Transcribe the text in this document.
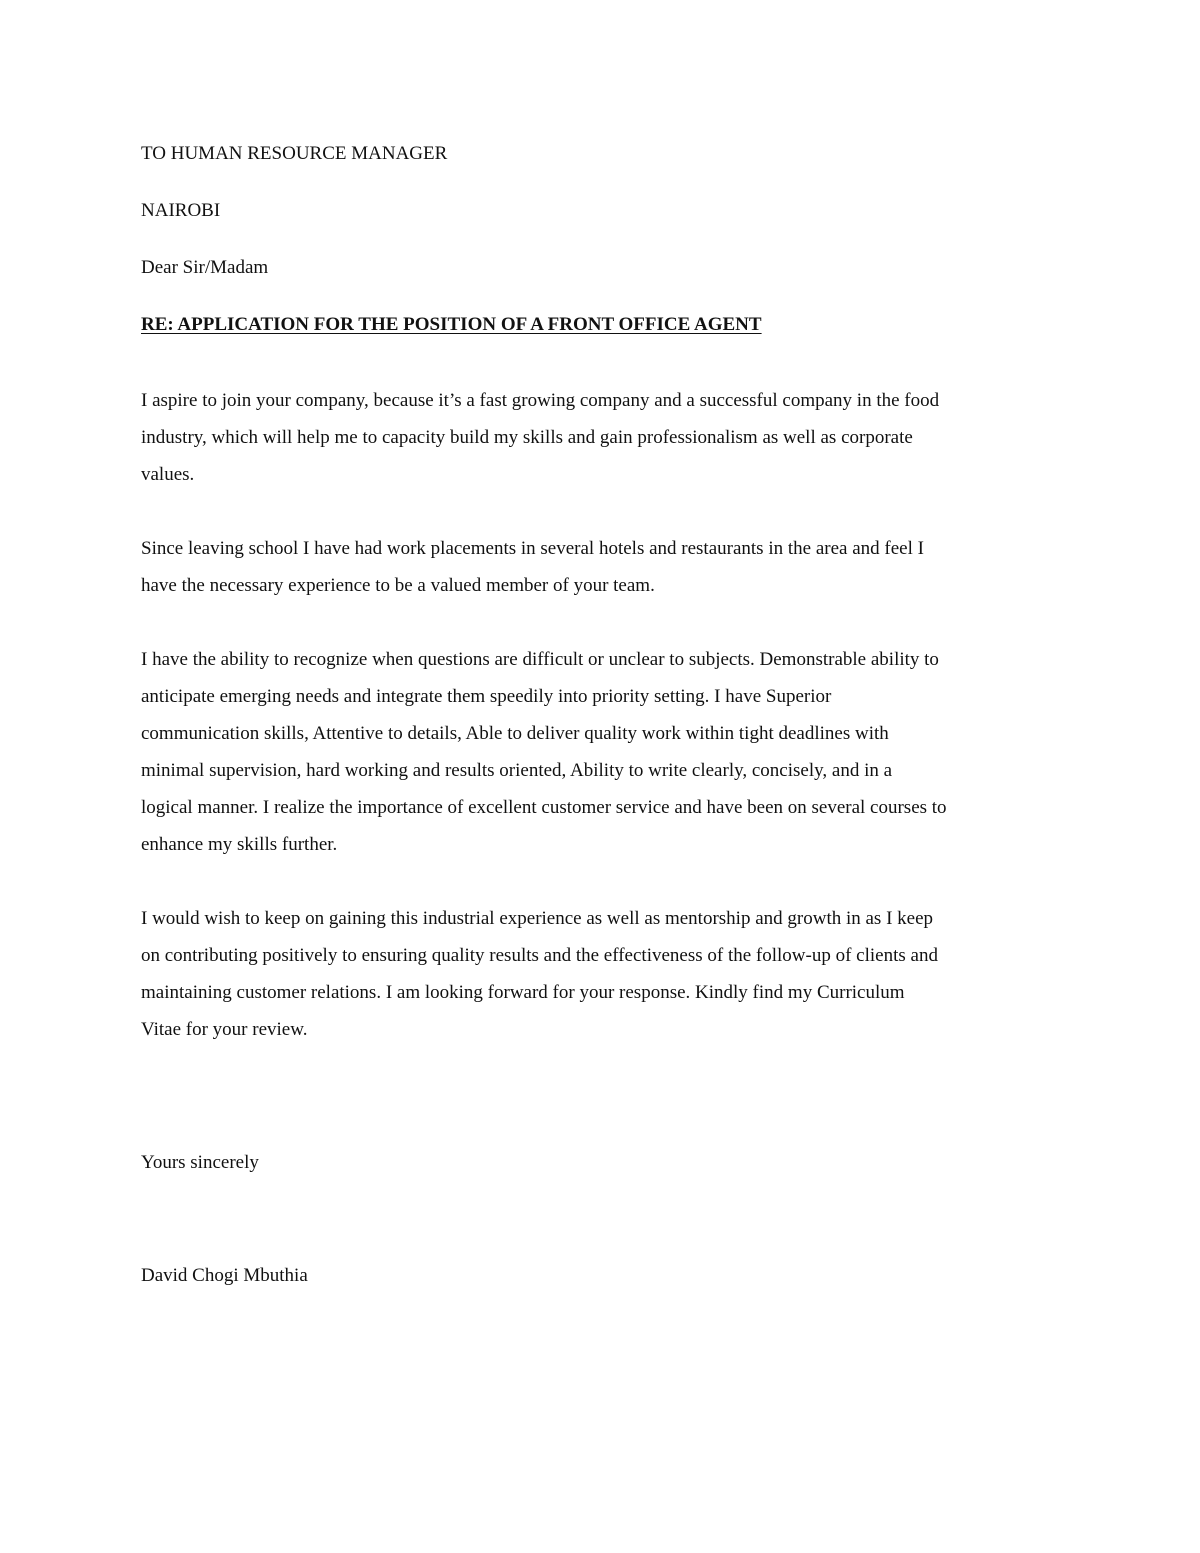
TO HUMAN RESOURCE MANAGER

NAIROBI

Dear Sir/Madam

RE: APPLICATION FOR THE POSITION OF A FRONT OFFICE AGENT

I aspire to join your company, because it’s a fast growing company and a successful company in the food
industry, which will help me to capacity build my skills and gain professionalism as well as corporate
values.
Since leaving school I have had work placements in several hotels and restaurants in the area and feel I
have the necessary experience to be a valued member of your team.
I have the ability to recognize when questions are difficult or unclear to subjects. Demonstrable ability to
anticipate emerging needs and integrate them speedily into priority setting. I have Superior
communication skills, Attentive to details, Able to deliver quality work within tight deadlines with
minimal supervision, hard working and results oriented, Ability to write clearly, concisely, and in a
logical manner. I realize the importance of excellent customer service and have been on several courses to
enhance my skills further.
I would wish to keep on gaining this industrial experience as well as mentorship and growth in as I keep
on contributing positively to ensuring quality results and the effectiveness of the follow-up of clients and
maintaining customer relations. I am looking forward for your response. Kindly find my Curriculum
Vitae for your review.

Yours sincerely

David Chogi Mbuthia
